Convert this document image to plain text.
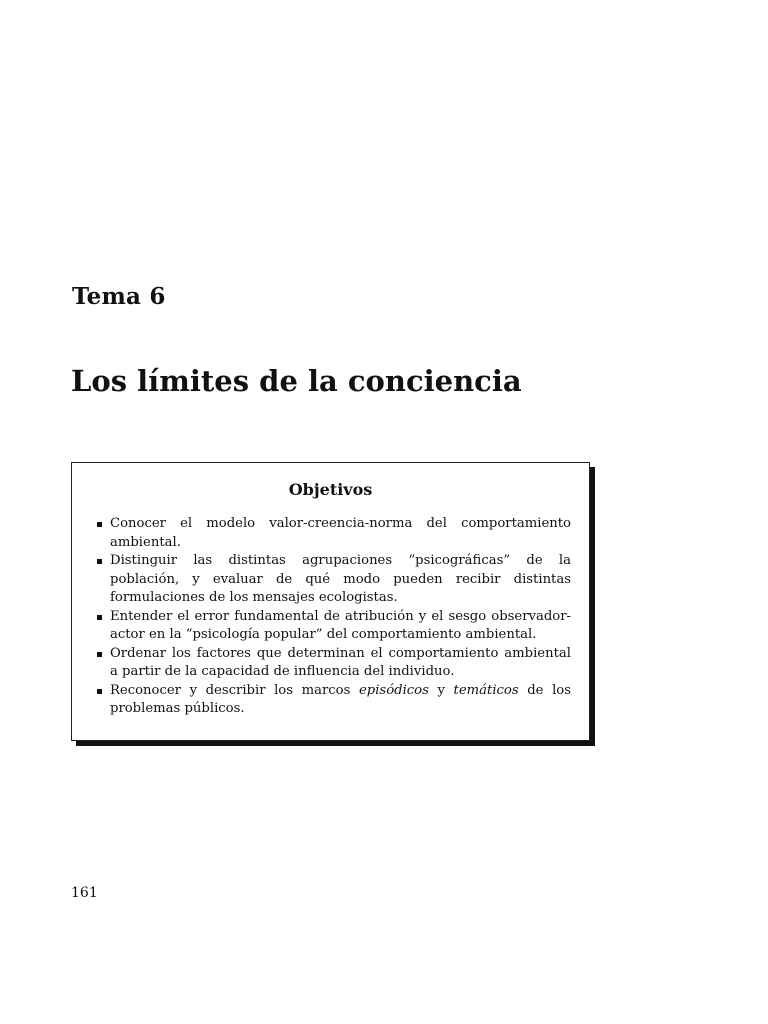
Tema 6
Los límites de la conciencia
Objetivos
Conocer el modelo valor-creencia-norma del comportamiento ambiental.
Distinguir las distintas agrupaciones “psicográficas” de la población, y evaluar de qué modo pueden recibir distintas formulaciones de los mensajes ecologistas.
Entender el error fundamental de atribución y el sesgo observador-actor en la “psicología popular” del comportamiento ambiental.
Ordenar los factores que determinan el comportamiento ambiental a partir de la capacidad de influencia del individuo.
Reconocer y describir los marcos episódicos y temáticos de los problemas públicos.

161
